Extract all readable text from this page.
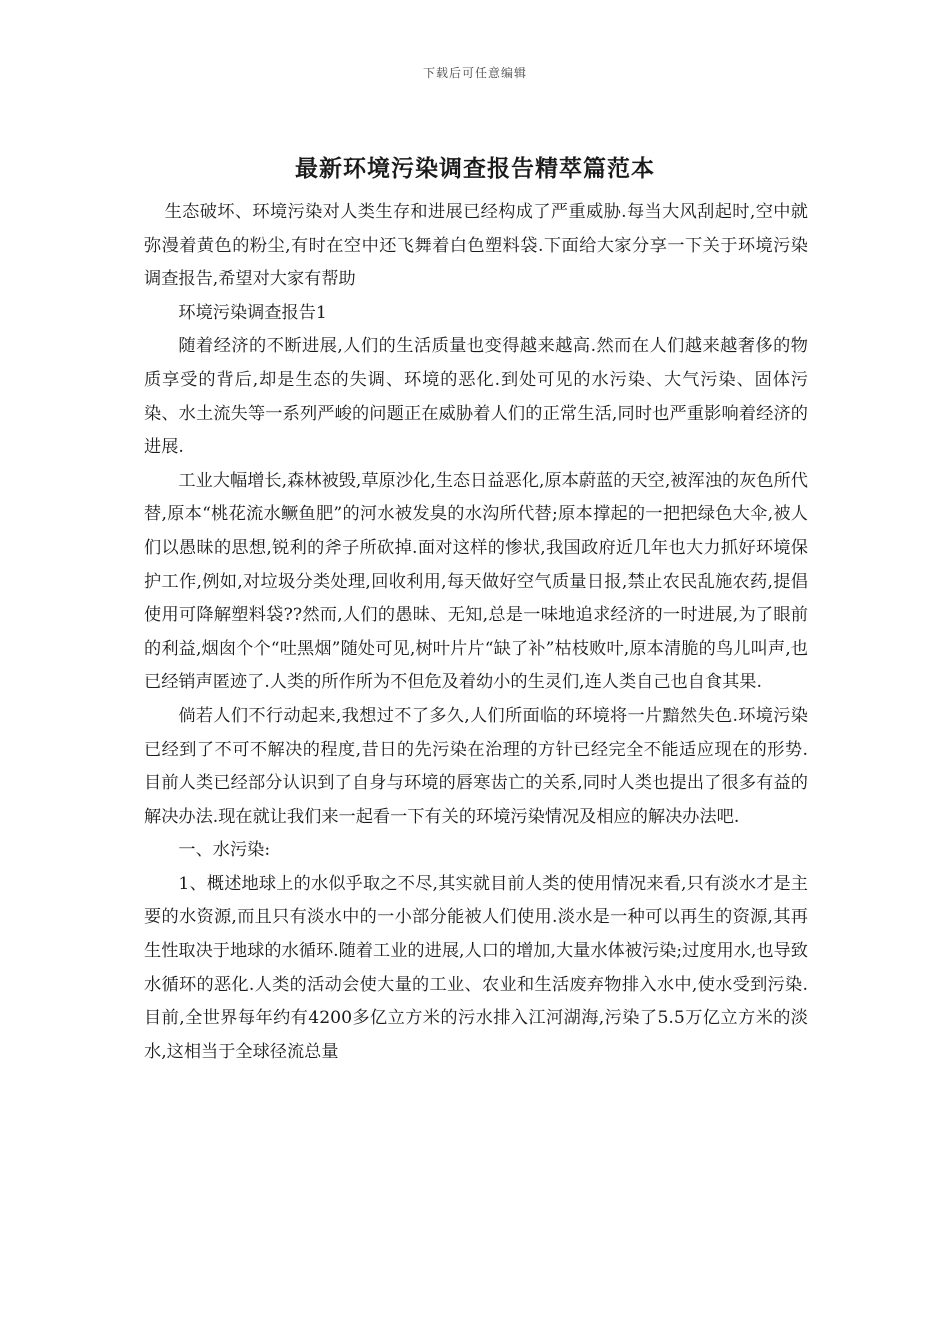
下载后可任意编辑
最新环境污染调查报告精萃篇范本

生态破坏、环境污染对人类生存和进展已经构成了严重威胁.每当大风刮起时,空中就弥漫着黄色的粉尘,有时在空中还飞舞着白色塑料袋.下面给大家分享一下关于环境污染调查报告,希望对大家有帮助

环境污染调查报告1

随着经济的不断进展,人们的生活质量也变得越来越高.然而在人们越来越奢侈的物质享受的背后,却是生态的失调、环境的恶化.到处可见的水污染、大气污染、固体污染、水土流失等一系列严峻的问题正在威胁着人们的正常生活,同时也严重影响着经济的进展.

工业大幅增长,森林被毁,草原沙化,生态日益恶化,原本蔚蓝的天空,被浑浊的灰色所代替,原本“桃花流水鳜鱼肥”的河水被发臭的水沟所代替;原本撑起的一把把绿色大伞,被人们以愚昧的思想,锐利的斧子所砍掉.面对这样的惨状,我国政府近几年也大力抓好环境保护工作,例如,对垃圾分类处理,回收利用,每天做好空气质量日报,禁止农民乱施农药,提倡使用可降解塑料袋??然而,人们的愚昧、无知,总是一味地追求经济的一时进展,为了眼前的利益,烟囱个个“吐黑烟”随处可见,树叶片片“缺了补”枯枝败叶,原本清脆的鸟儿叫声,也已经销声匿迹了.人类的所作所为不但危及着幼小的生灵们,连人类自己也自食其果.

倘若人们不行动起来,我想过不了多久,人们所面临的环境将一片黯然失色.环境污染已经到了不可不解决的程度,昔日的先污染在治理的方针已经完全不能适应现在的形势.目前人类已经部分认识到了自身与环境的唇寒齿亡的关系,同时人类也提出了很多有益的解决办法.现在就让我们来一起看一下有关的环境污染情况及相应的解决办法吧.

一、水污染:

1、概述地球上的水似乎取之不尽,其实就目前人类的使用情况来看,只有淡水才是主要的水资源,而且只有淡水中的一小部分能被人们使用.淡水是一种可以再生的资源,其再生性取决于地球的水循环.随着工业的进展,人口的增加,大量水体被污染;过度用水,也导致水循环的恶化.人类的活动会使大量的工业、农业和生活废弃物排入水中,使水受到污染.目前,全世界每年约有4200多亿立方米的污水排入江河湖海,污染了5.5万亿立方米的淡水,这相当于全球径流总量
